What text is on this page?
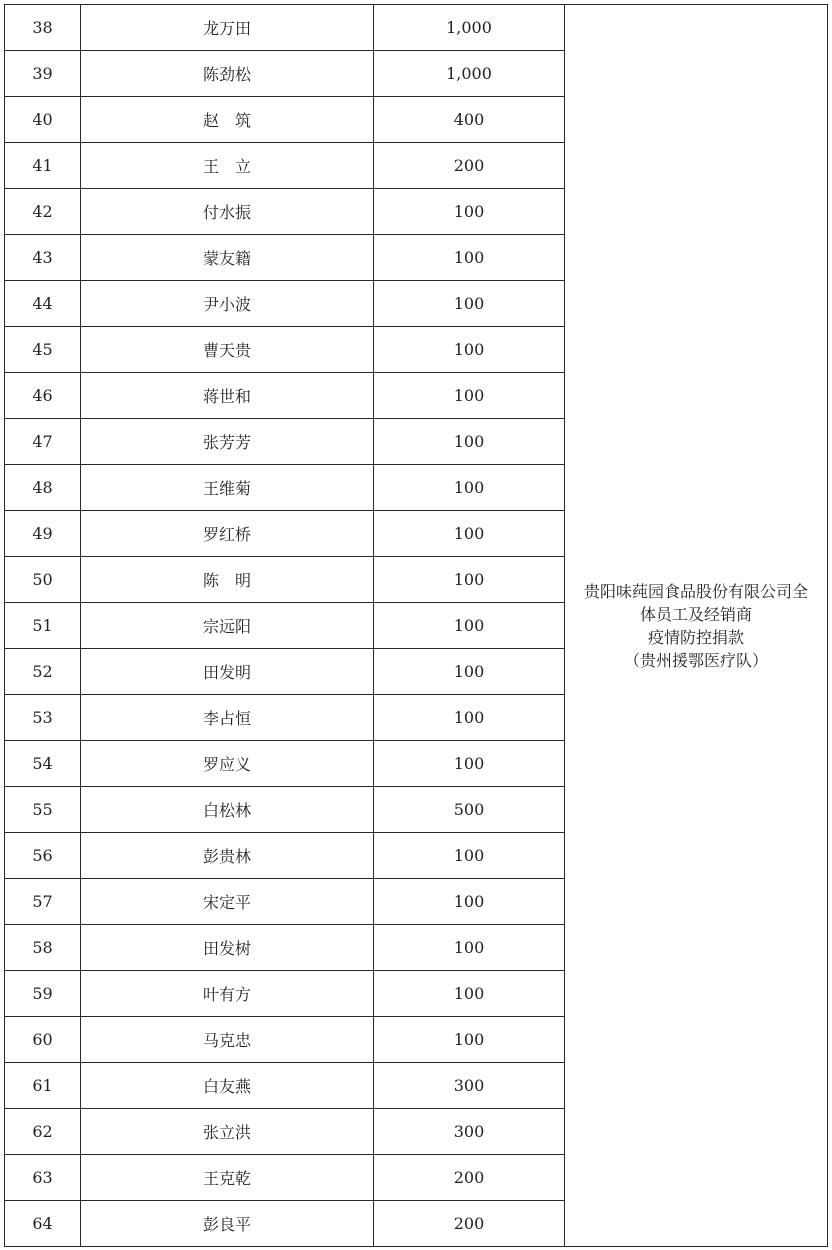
38	龙万田	1,000	贵阳味莼园食品股份有限公司全
体员工及经销商
疫情防控捐款
（贵州援鄂医疗队）

39	陈劲松	1,000	
40	赵　筑	400	
41	王　立	200	
42	付水振	100	
43	蒙友籍	100	
44	尹小波	100	
45	曹天贵	100	
46	蒋世和	100	
47	张芳芳	100	
48	王维菊	100	
49	罗红桥	100	
50	陈　明	100	
51	宗远阳	100	
52	田发明	100	
53	李占恒	100	
54	罗应义	100	
55	白松林	500	
56	彭贵林	100	
57	宋定平	100	
58	田发树	100	
59	叶有方	100	
60	马克忠	100	
61	白友燕	300	
62	张立洪	300	
63	王克乾	200	
64	彭良平	200	
